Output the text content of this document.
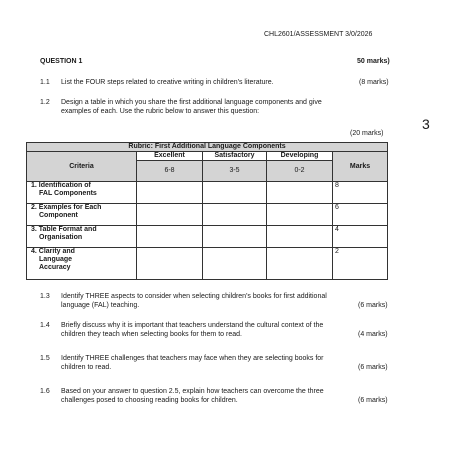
CHL2601/ASSESSMENT 3/0/2026
QUESTION 1	50 marks)
3
1.1 List the FOUR steps related to creative writing in children's literature.	(8 marks)
1.2 Design a table in which you share the first additional language components and give
examples of each. Use the rubric below to answer this question:
(20 marks)
Rubric: First Additional Language Components				
Criteria	Excellent	Satisfactory	Developing	Marks
	6-8	3-5	0-2	
1. Identification of
FAL Components				8
2. Examples for Each
Component				6
3. Table Format and
Organisation				4
4. Clarity and
Language
Accuracy				2
1.3 Identify THREE aspects to consider when selecting children's books for first additional
language (FAL) teaching.	(6 marks)
1.4 Briefly discuss why it is important that teachers understand the cultural context of the
children they teach when selecting books for them to read.	(4 marks)
1.5 Identify THREE challenges that teachers may face when they are selecting books for
children to read.	(6 marks)
1.6 Based on your answer to question 2.5, explain how teachers can overcome the three
challenges posed to choosing reading books for children.	(6 marks)
